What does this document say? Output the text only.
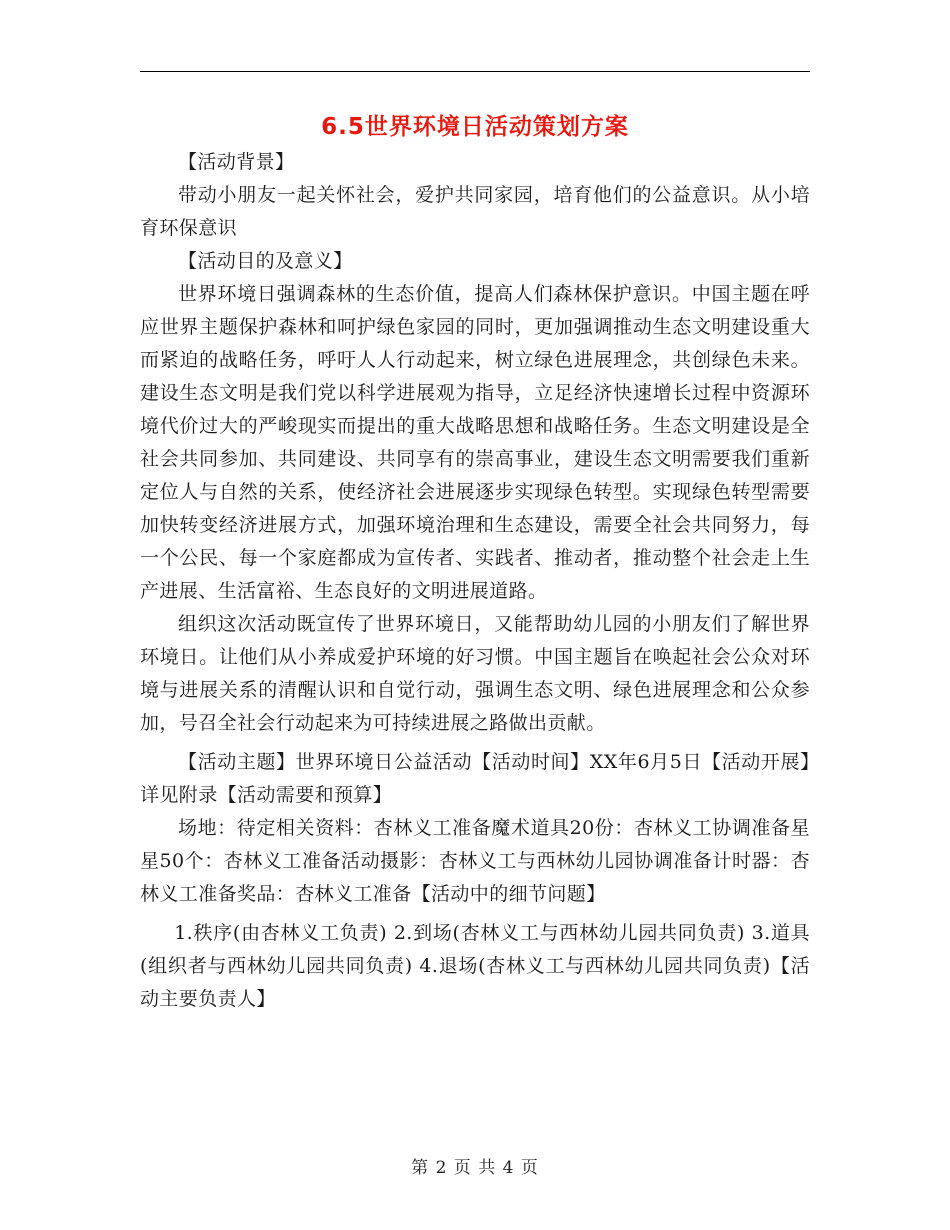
6.5世界环境日活动策划方案

【活动背景】

带动小朋友一起关怀社会，爱护共同家园，培育他们的公益意识。从小培育环保意识

【活动目的及意义】

世界环境日强调森林的生态价值，提高人们森林保护意识。中国主题在呼应世界主题保护森林和呵护绿色家园的同时，更加强调推动生态文明建设重大而紧迫的战略任务，呼吁人人行动起来，树立绿色进展理念，共创绿色未来。建设生态文明是我们党以科学进展观为指导，立足经济快速增长过程中资源环境代价过大的严峻现实而提出的重大战略思想和战略任务。生态文明建设是全社会共同参加、共同建设、共同享有的崇高事业，建设生态文明需要我们重新定位人与自然的关系，使经济社会进展逐步实现绿色转型。实现绿色转型需要加快转变经济进展方式，加强环境治理和生态建设，需要全社会共同努力，每一个公民、每一个家庭都成为宣传者、实践者、推动者，推动整个社会走上生产进展、生活富裕、生态良好的文明进展道路。

组织这次活动既宣传了世界环境日，又能帮助幼儿园的小朋友们了解世界环境日。让他们从小养成爱护环境的好习惯。中国主题旨在唤起社会公众对环境与进展关系的清醒认识和自觉行动，强调生态文明、绿色进展理念和公众参加，号召全社会行动起来为可持续进展之路做出贡献。

【活动主题】世界环境日公益活动【活动时间】XX年6月5日【活动开展】　　详见附录【活动需要和预算】

场地：待定相关资料：杏林义工准备魔术道具20份：杏林义工协调准备星星50个：杏林义工准备活动摄影：杏林义工与西林幼儿园协调准备计时器：杏林义工准备奖品：杏林义工准备【活动中的细节问题】

1.秩序(由杏林义工负责) 2.到场(杏林义工与西林幼儿园共同负责) 3.道具(组织者与西林幼儿园共同负责) 4.退场(杏林义工与西林幼儿园共同负责)【活动主要负责人】

第 2 页 共 4 页
